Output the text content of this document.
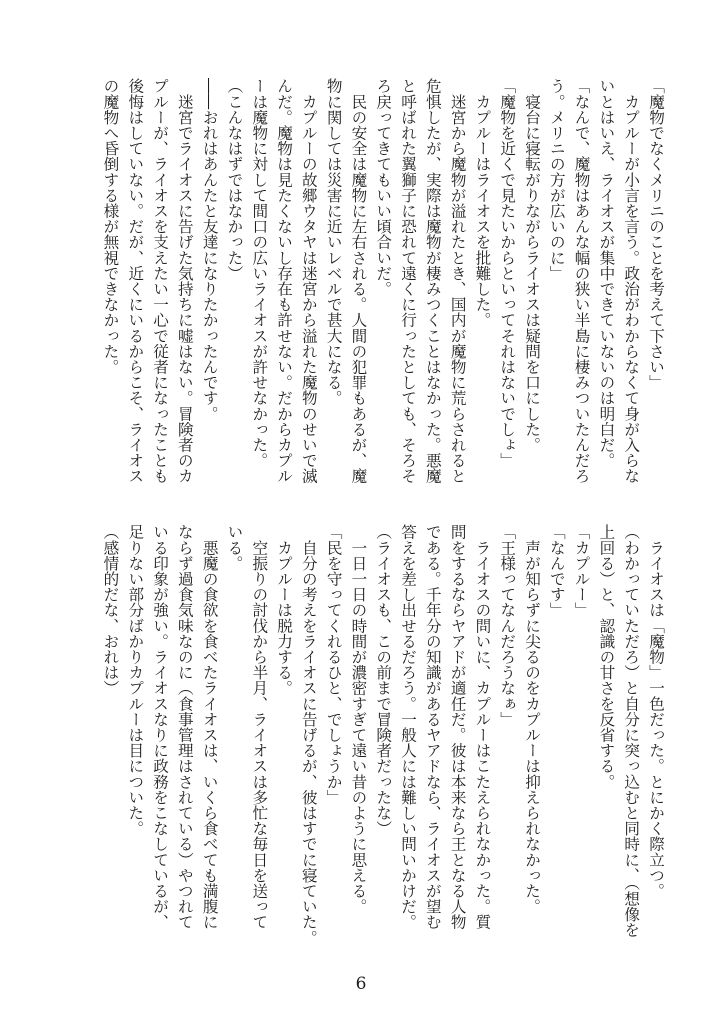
「魔物でなくメリニのことを考えて下さい」
　カプルーが小言を言う。政治がわからなくて身が入らな
いとはいえ、ライオスが集中できていないのは明白だ。
「なんで、魔物はあんな幅の狭い半島に棲みついたんだろ
う。メリニの方が広いのに」
　寝台に寝転がりながらライオスは疑問を口にした。
「魔物を近くで見たいからといってそれはないでしょ」
　カプルーはライオスを批難した。
　迷宮から魔物が溢れたとき、国内が魔物に荒らされると
危惧したが、実際は魔物が棲みつくことはなかった。悪魔
と呼ばれた翼獅子に恐れて遠くに行ったとしても、そろそ
ろ戻ってきてもいい頃合いだ。
　民の安全は魔物に左右される。人間の犯罪もあるが、魔
物に関しては災害に近いレベルで甚大になる。
　カプルーの故郷ウタヤは迷宮から溢れた魔物のせいで滅
んだ。魔物は見たくないし存在も許せない。だからカプル
ーは魔物に対して間口の広いライオスが許せなかった。
（こんなはずではなかった）
――おれはあんたと友達になりたかったんです。
　迷宮でライオスに告げた気持ちに嘘はない。冒険者のカ
プルーが、ライオスを支えたい一心で従者になったことも
後悔はしていない。だが、近くにいるからこそ、ライオス
の魔物へ昏倒する様が無視できなかった。
　ライオスは「魔物」一色だった。とにかく際立つ。
（わかっていただろ）と自分に突っ込むと同時に、（想像を
上回る）と、認識の甘さを反省する。
「カプルー」
「なんです」
　声が知らずに尖るのをカプルーは抑えられなかった。
「王様ってなんだろうなぁ」
　ライオスの問いに、カプルーはこたえられなかった。質
問をするならヤアドが適任だ。彼は本来なら王となる人物
である。千年分の知識があるヤアドなら、ライオスが望む
答えを差し出せるだろう。一般人には難しい問いかけだ。
（ライオスも、この前まで冒険者だったな）
　一日一日の時間が濃密すぎて遠い昔のように思える。
「民を守ってくれるひと、でしょうか」
　自分の考えをライオスに告げるが、彼はすでに寝ていた。
　カプルーは脱力する。
　空振りの討伐から半月、ライオスは多忙な毎日を送って
いる。
　悪魔の食欲を食べたライオスは、いくら食べても満腹に
ならず過食気味なのに（食事管理はされている）やつれて
いる印象が強い。ライオスなりに政務をこなしているが、
足りない部分ばかりカプルーは目についた。
（感情的だな、おれは）
6
